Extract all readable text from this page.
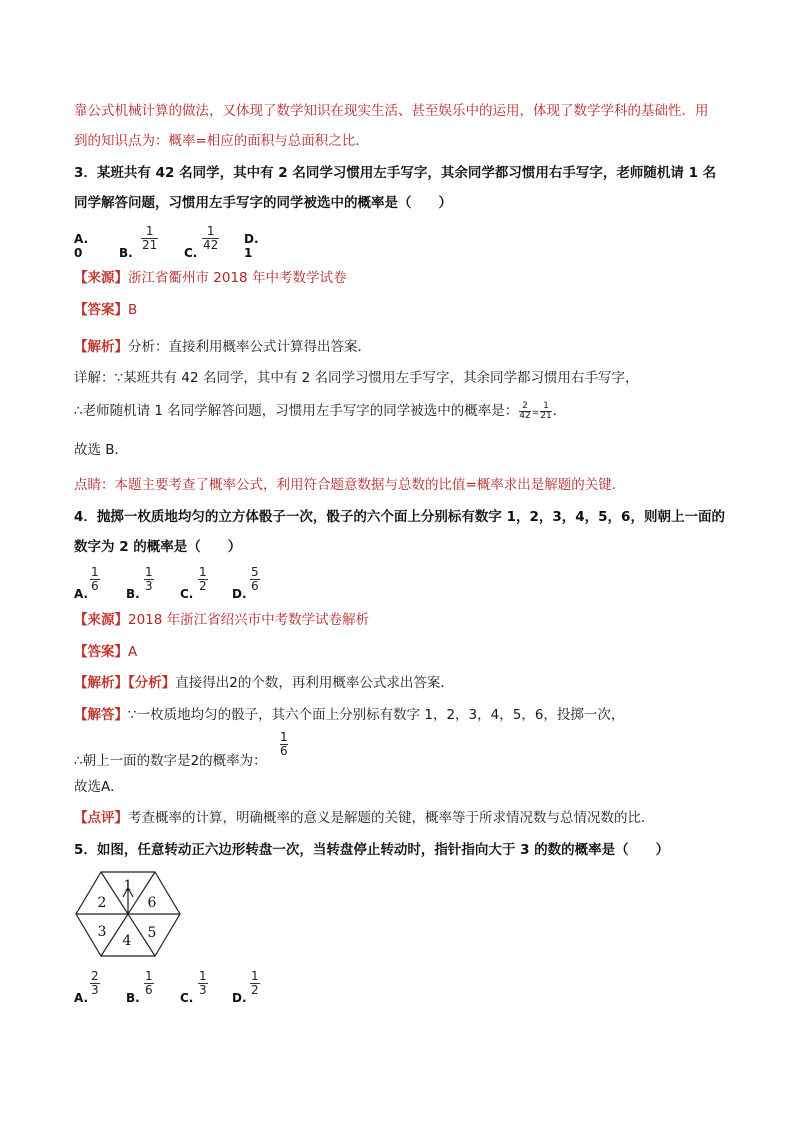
靠公式机械计算的做法，又体现了数学知识在现实生活、甚至娱乐中的运用，体现了数学学科的基础性．用
到的知识点为：概率=相应的面积与总面积之比．
3．某班共有 42 名同学，其中有 2 名同学习惯用左手写字，其余同学都习惯用右手写字，老师随机请 1 名
同学解答问题，习惯用左手写字的同学被选中的概率是（　　）
A. 0	B.
$\frac{1}{21}$
C.
$\frac{1}{42} D$. 1
【来源】浙江省衢州市 2018 年中考数学试卷
【答案】B
【解析】分析：直接利用概率公式计算得出答案．
详解：∵某班共有 42 名同学，其中有 2 名同学习惯用左手写字，其余同学都习惯用右手写字，
∴老师随机请 1 名同学解答问题，习惯用左手写字的同学被选中的概率是： $\frac{2}{42} = \frac{1}{21}$ ．
故选 B．
点睛：本题主要考查了概率公式，利用符合题意数据与总数的比值=概率求出是解题的关键．
4．抛掷一枚质地均匀的立方体骰子一次，骰子的六个面上分别标有数字 1，2，3，4，5，6，则朝上一面的
数字为 2 的概率是（　　）
A.
$\frac{1}{6}$
B.
$\frac{1}{3}$
C.
$\frac{1}{2}$
D.
$\frac{5}{6}$
【来源】2018 年浙江省绍兴市中考数学试卷解析
【答案】A
【解析】【分析】直接得出2的个数，再利用概率公式求出答案．
【解答】∵一枚质地均匀的骰子，其六个面上分别标有数字 1，2，3，4，5，6，投掷一次，
∴朝上一面的数字是2的概率为：
$\frac{1}{6}$
故选A．
【点评】考查概率的计算，明确概率的意义是解题的关键，概率等于所求情况数与总情况数的比．
5．如图，任意转动正六边形转盘一次，当转盘停止转动时，指针指向大于 3 的数的概率是（　　）
1
6
5
4
3
2
A.
$\frac{2}{3}$
B.
$\frac{1}{6}$
C.
$\frac{1}{3}$
D.
$\frac{1}{2}$
